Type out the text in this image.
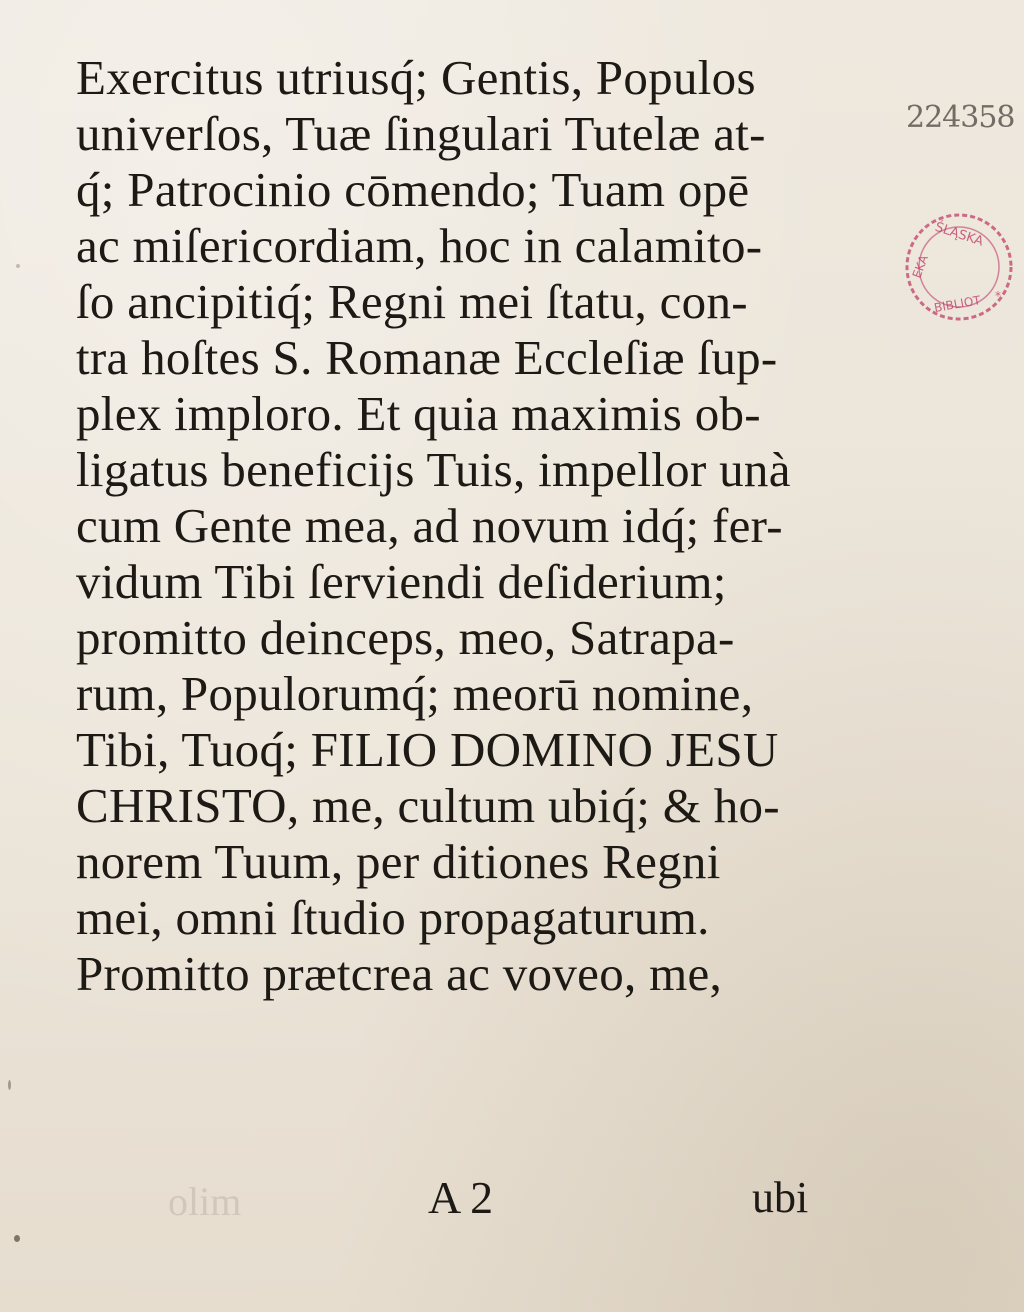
Exercitus utriusq́; Gentis, Populos
univerſos, Tuæ ſingulari Tutelæ at-
q́; Patrocinio cōmendo; Tuam opē
ac miſericordiam, hoc in calamito-
ſo ancipitiq́; Regni mei ſtatu, con-
tra hoſtes S. Romanæ Eccleſiæ ſup-
plex imploro. Et quia maximis ob-
ligatus beneficijs Tuis, impellor unà
cum Gente mea, ad novum idq́; fer-
vidum Tibi ſerviendi deſiderium;
promitto deinceps, meo, Satrapa-
rum, Populorumq́; meorū nomine,
Tibi, Tuoq́; FILIO DOMINO JESU
CHRISTO, me, cultum ubiq́; & ho-
norem Tuum, per ditiones Regni
mei, omni ſtudio propagaturum.
Promitto prætcrea ac voveo, me,
olim	A 2	ubi
224358
ŚLĄSKA
EKA
BIBLIOT *
